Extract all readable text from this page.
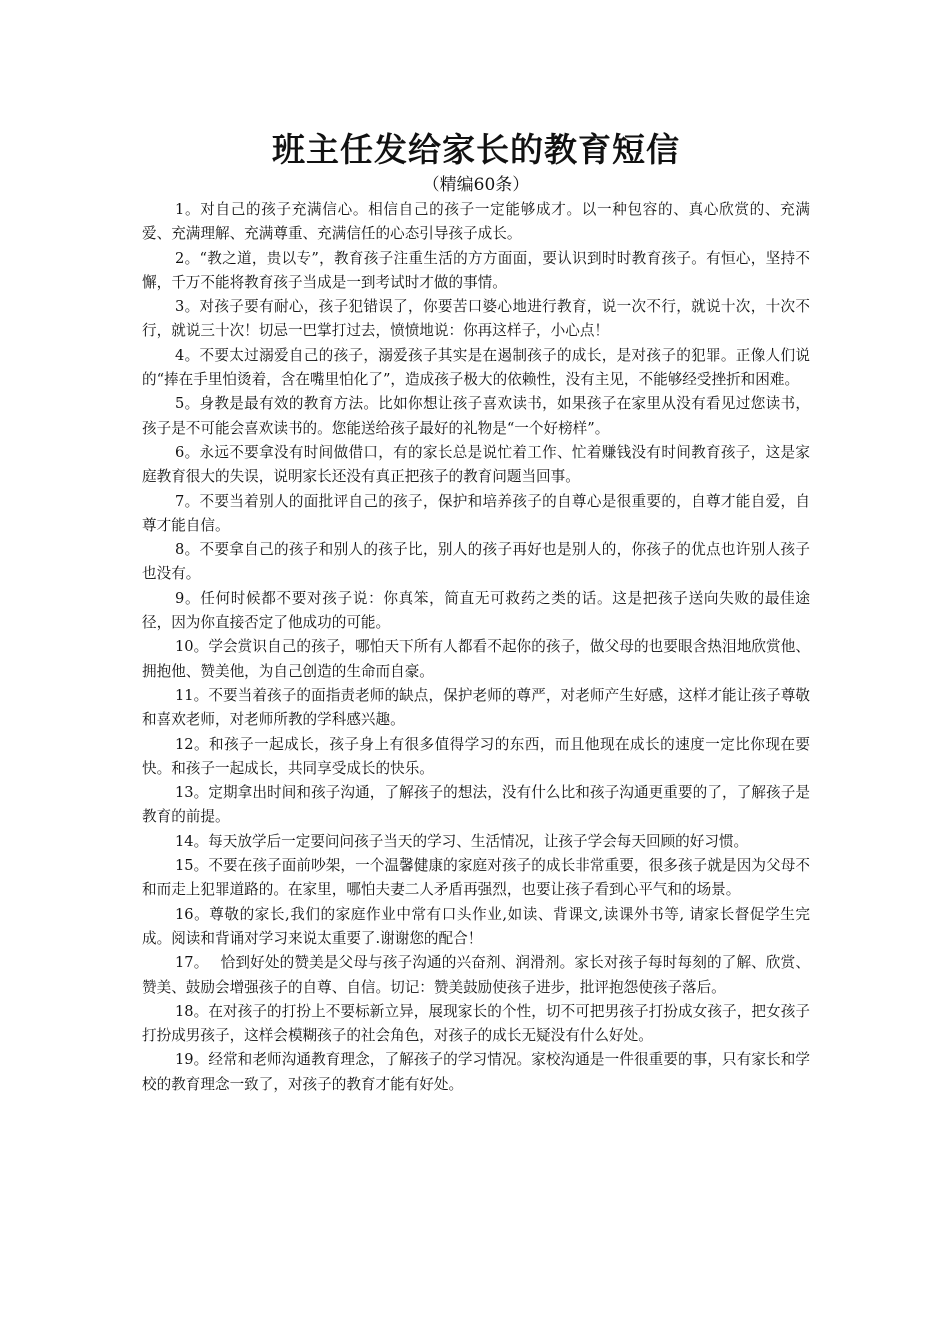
班主任发给家长的教育短信
（精编60条）

1。对自己的孩子充满信心。相信自己的孩子一定能够成才。以一种包容的、真心欣赏的、充满爱、充满理解、充满尊重、充满信任的心态引导孩子成长。

2。“教之道，贵以专”，教育孩子注重生活的方方面面，要认识到时时教育孩子。有恒心，坚持不懈，千万不能将教育孩子当成是一到考试时才做的事情。

3。对孩子要有耐心，孩子犯错误了，你要苦口婆心地进行教育，说一次不行，就说十次，十次不行，就说三十次！切忌一巴掌打过去，愤愤地说：你再这样子，小心点！

4。不要太过溺爱自己的孩子，溺爱孩子其实是在遏制孩子的成长，是对孩子的犯罪。正像人们说的“捧在手里怕烫着，含在嘴里怕化了”，造成孩子极大的依赖性，没有主见，不能够经受挫折和困难。

5。身教是最有效的教育方法。比如你想让孩子喜欢读书，如果孩子在家里从没有看见过您读书，孩子是不可能会喜欢读书的。您能送给孩子最好的礼物是“一个好榜样”。

6。永远不要拿没有时间做借口，有的家长总是说忙着工作、忙着赚钱没有时间教育孩子，这是家庭教育很大的失误，说明家长还没有真正把孩子的教育问题当回事。

7。不要当着别人的面批评自己的孩子，保护和培养孩子的自尊心是很重要的，自尊才能自爱，自尊才能自信。

8。不要拿自己的孩子和别人的孩子比，别人的孩子再好也是别人的，你孩子的优点也许别人孩子也没有。

9。任何时候都不要对孩子说：你真笨，简直无可救药之类的话。这是把孩子送向失败的最佳途径，因为你直接否定了他成功的可能。

10。学会赏识自己的孩子，哪怕天下所有人都看不起你的孩子，做父母的也要眼含热泪地欣赏他、拥抱他、赞美他，为自己创造的生命而自豪。

11。不要当着孩子的面指责老师的缺点，保护老师的尊严，对老师产生好感，这样才能让孩子尊敬和喜欢老师，对老师所教的学科感兴趣。

12。和孩子一起成长，孩子身上有很多值得学习的东西，而且他现在成长的速度一定比你现在要快。和孩子一起成长，共同享受成长的快乐。

13。定期拿出时间和孩子沟通，了解孩子的想法，没有什么比和孩子沟通更重要的了，了解孩子是教育的前提。

14。每天放学后一定要问问孩子当天的学习、生活情况，让孩子学会每天回顾的好习惯。

15。不要在孩子面前吵架，一个温馨健康的家庭对孩子的成长非常重要，很多孩子就是因为父母不和而走上犯罪道路的。在家里，哪怕夫妻二人矛盾再强烈，也要让孩子看到心平气和的场景。

16。尊敬的家长,我们的家庭作业中常有口头作业,如读、背课文,读课外书等, 请家长督促学生完成。阅读和背诵对学习来说太重要了.谢谢您的配合！

17。　 恰到好处的赞美是父母与孩子沟通的兴奋剂、润滑剂。家长对孩子每时每刻的了解、欣赏、赞美、鼓励会增强孩子的自尊、自信。切记：赞美鼓励使孩子进步，批评抱怨使孩子落后。

18。在对孩子的打扮上不要标新立异，展现家长的个性，切不可把男孩子打扮成女孩子，把女孩子打扮成男孩子，这样会模糊孩子的社会角色，对孩子的成长无疑没有什么好处。

19。经常和老师沟通教育理念，了解孩子的学习情况。家校沟通是一件很重要的事，只有家长和学校的教育理念一致了，对孩子的教育才能有好处。
